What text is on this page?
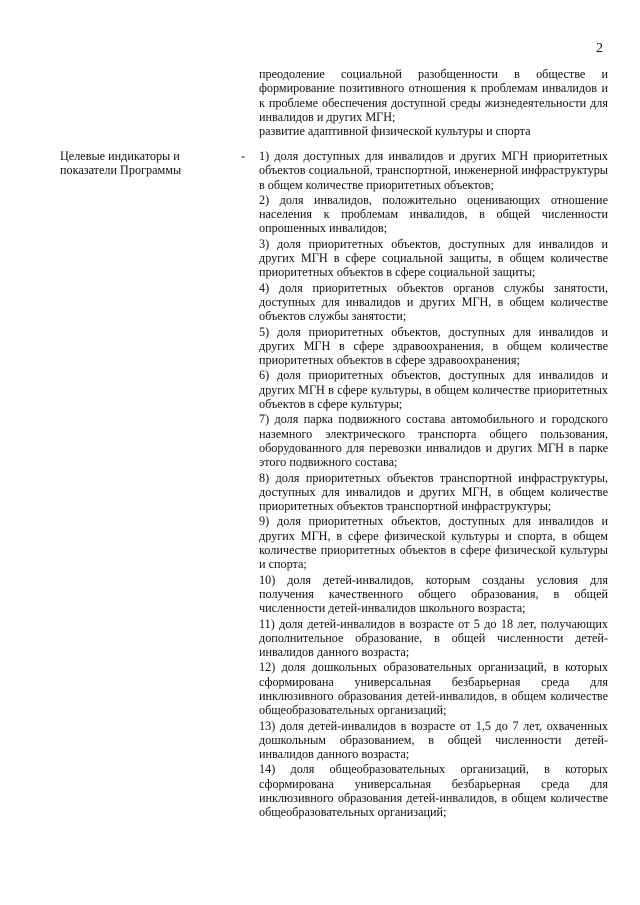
2

преодоление социальной разобщенности в обществе и формирование позитивного отношения к проблемам инвалидов и к проблеме обеспечения доступной среды жизнедеятельности для инвалидов и других МГН;

развитие адаптивной физической культуры и спорта

Целевые индикаторы и показатели Программы
- 1) доля доступных для инвалидов и других МГН приоритетных объектов социальной, транспортной, инженерной инфраструктуры в общем количестве приоритетных объектов;

2) доля инвалидов, положительно оценивающих отношение населения к проблемам инвалидов, в общей численности опрошенных инвалидов;

3) доля приоритетных объектов, доступных для инвалидов и других МГН в сфере социальной защиты, в общем количестве приоритетных объектов в сфере социальной защиты;

4) доля приоритетных объектов органов службы занятости, доступных для инвалидов и других МГН, в общем количестве объектов службы занятости;

5) доля приоритетных объектов, доступных для инвалидов и других МГН в сфере здравоохранения, в общем количестве приоритетных объектов в сфере здравоохранения;

6) доля приоритетных объектов, доступных для инвалидов и других МГН в сфере культуры, в общем количестве приоритетных объектов в сфере культуры;

7) доля парка подвижного состава автомобильного и городского наземного электрического транспорта общего пользования, оборудованного для перевозки инвалидов и других МГН в парке этого подвижного состава;

8) доля приоритетных объектов транспортной инфраструктуры, доступных для инвалидов и других МГН, в общем количестве приоритетных объектов транспортной инфраструктуры;

9) доля приоритетных объектов, доступных для инвалидов и других МГН, в сфере физической культуры и спорта, в общем количестве приоритетных объектов в сфере физической культуры и спорта;

10) доля детей-инвалидов, которым созданы условия для получения качественного общего образования, в общей численности детей-инвалидов школьного возраста;

11) доля детей-инвалидов в возрасте от 5 до 18 лет, получающих дополнительное образование, в общей численности детей-инвалидов данного возраста;

12) доля дошкольных образовательных организаций, в которых сформирована универсальная безбарьерная среда для инклюзивного образования детей-инвалидов, в общем количестве общеобразовательных организаций;

13) доля детей-инвалидов в возрасте от 1,5 до 7 лет, охваченных дошкольным образованием, в общей численности детей-инвалидов данного возраста;

14) доля общеобразовательных организаций, в которых сформирована универсальная безбарьерная среда для инклюзивного образования детей-инвалидов, в общем количестве общеобразовательных организаций;
